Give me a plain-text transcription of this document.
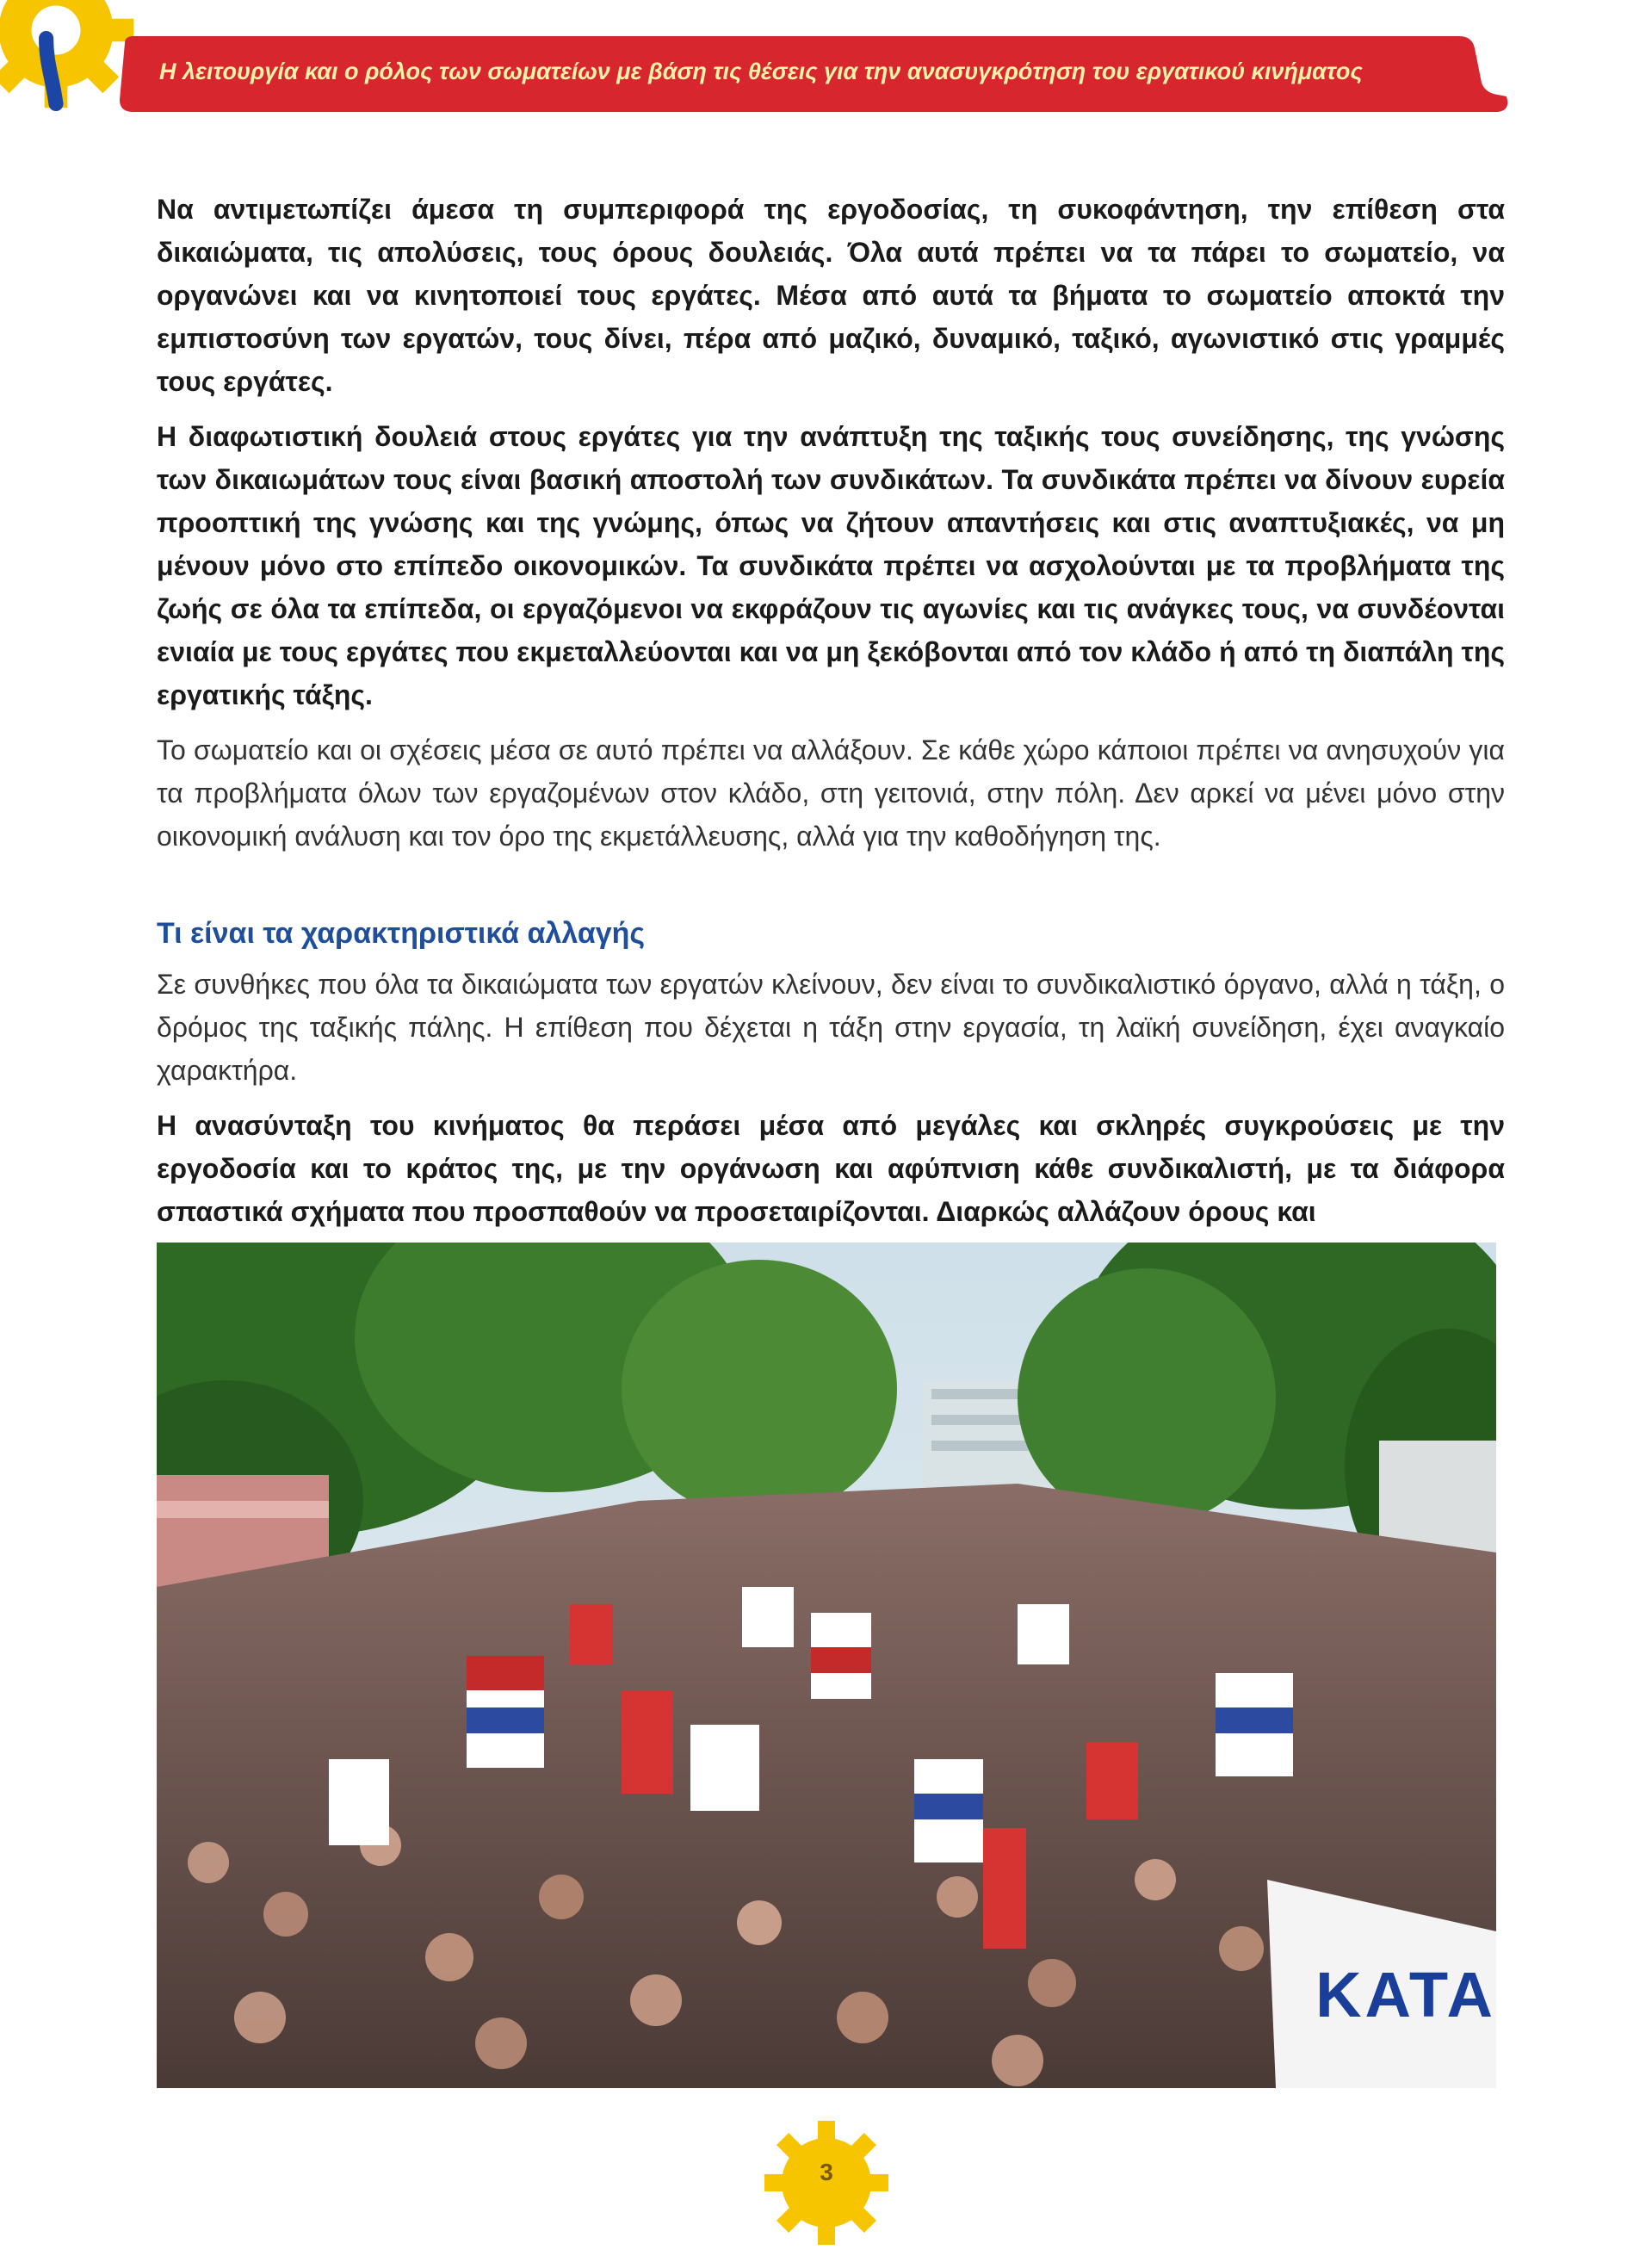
Η λειτουργία και ο ρόλος των σωματείων με βάση τις θέσεις για την ανασυγκρότηση του εργατικού κινήματος

Να αντιμετωπίζει άμεσα τη συμπεριφορά της εργοδοσίας, τη συκοφάντηση, την επίθεση στα δικαιώματα, τις απολύσεις, τους όρους δουλειάς. Όλα αυτά πρέπει να τα πάρει το σωματείο, να οργανώνει και να κινητοποιεί τους εργάτες. Μέσα από αυτά τα βήματα το σωματείο αποκτά την εμπιστοσύνη των εργατών, τους δίνει, πέρα από μαζικό, δυναμικό, ταξικό, αγωνιστικό στις γραμμές τους εργάτες.

Η διαφωτιστική δουλειά στους εργάτες για την ανάπτυξη της ταξικής τους συνείδησης, της γνώσης των δικαιωμάτων τους είναι βασική αποστολή των συνδικάτων. Τα συνδικάτα πρέπει να δίνουν ευρεία προοπτική της γνώσης και της γνώμης, όπως να ζήτουν απαντήσεις και στις αναπτυξιακές, να μη μένουν μόνο στο επίπεδο οικονομικών. Τα συνδικάτα πρέπει να ασχολούνται με τα προβλήματα της ζωής σε όλα τα επίπεδα, οι εργαζόμενοι να εκφράζουν τις αγωνίες και τις ανάγκες τους, να συνδέονται ενιαία με τους εργάτες που εκμεταλλεύονται και να μη ξεκόβονται από τον κλάδο ή από τη διαπάλη της εργατικής τάξης.

Το σωματείο και οι σχέσεις μέσα σε αυτό πρέπει να αλλάξουν. Σε κάθε χώρο κάποιοι πρέπει να ανησυχούν για τα προβλήματα όλων των εργαζομένων στον κλάδο, στη γειτονιά, στην πόλη. Δεν αρκεί να μένει μόνο στην οικονομική ανάλυση και τον όρο της εκμετάλλευσης, αλλά για την καθοδήγηση της.

Τι είναι τα χαρακτηριστικά αλλαγής

Σε συνθήκες που όλα τα δικαιώματα των εργατών κλείνουν, δεν είναι το συνδικαλιστικό όργανο, αλλά η τάξη, ο δρόμος της ταξικής πάλης. Η επίθεση που δέχεται η τάξη στην εργασία, τη λαϊκή συνείδηση, έχει αναγκαίο χαρακτήρα.

Η ανασύνταξη του κινήματος θα περάσει μέσα από μεγάλες και σκληρές συγκρούσεις με την εργοδοσία και το κράτος της, με την οργάνωση και αφύπνιση κάθε συνδικαλιστή, με τα διάφορα σπαστικά σχήματα που προσπαθούν να προσεταιρίζονται. Διαρκώς αλλάζουν όρους και

ΚΑΤΑ
3
